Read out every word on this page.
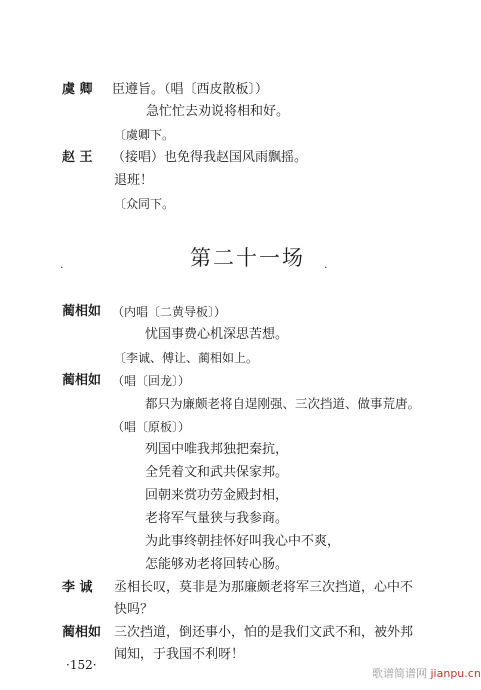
虞 卿 臣遵旨。（唱〔西皮散板〕）
急忙忙去劝说将相和好。
〔虞卿下。
赵 王 （接唱）也免得我赵国风雨飘摇。
退班！
〔众同下。
·	第二十一场 ·
蔺相如 （内唱〔二黄导板〕）
忧国事费心机深思苦想。
〔李诚、傅让、蔺相如上。
蔺相如 （唱〔回龙〕）
都只为廉颇老将自逞刚强、三次挡道、做事荒唐。
（唱〔原板〕）
列国中唯我邦独把秦抗，
全凭着文和武共保家邦。
回朝来赏功劳金殿封相，
老将军气量狭与我参商。
为此事终朝挂怀好叫我心中不爽，
怎能够劝老将回转心肠。
李 诚 丞相长叹，莫非是为那廉颇老将军三次挡道，心中不
快吗？
蔺相如 三次挡道，倒还事小，怕的是我们文武不和，被外邦
闻知，于我国不利呀！
·152·
歌谱简谱网 jianpu.cn
